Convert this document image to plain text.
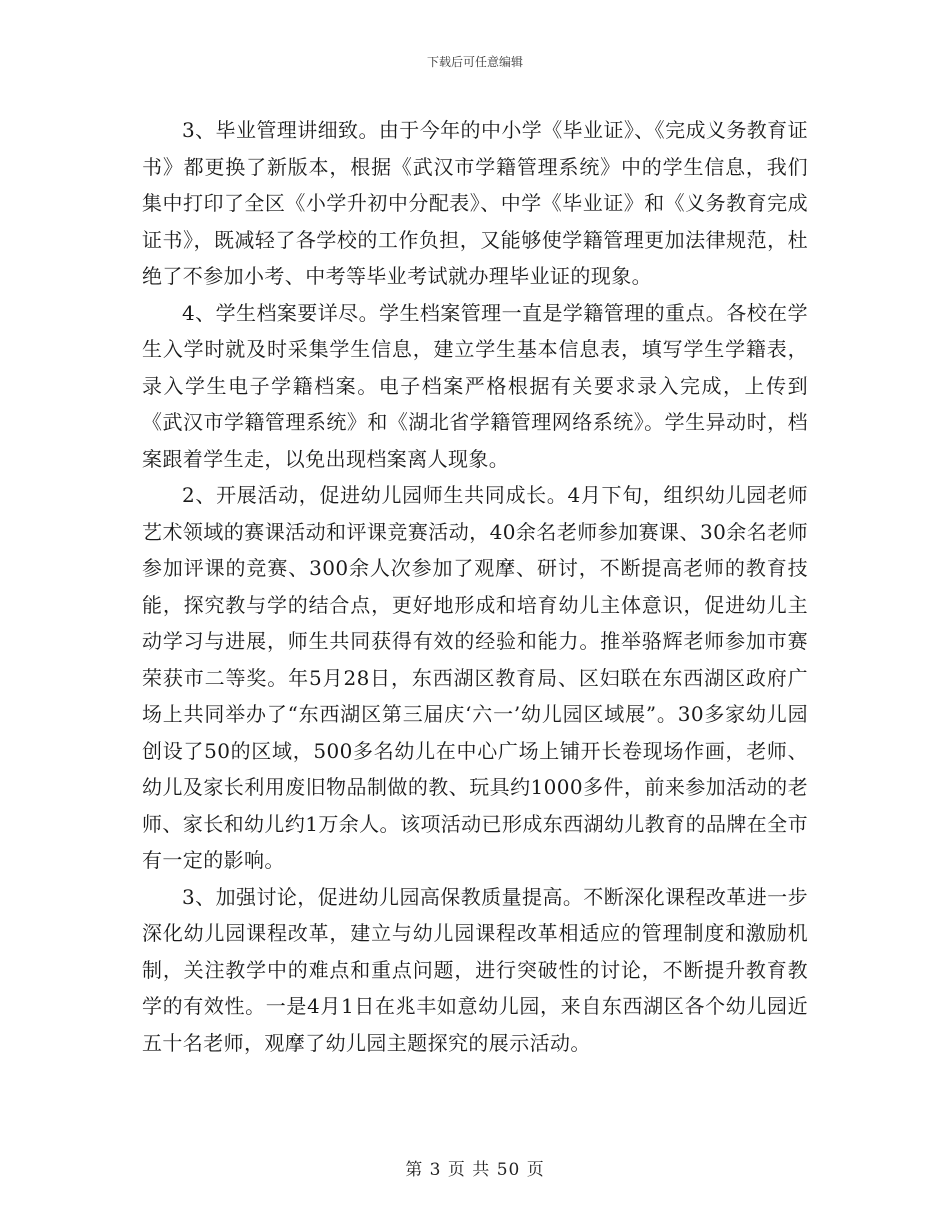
下载后可任意编辑

3、毕业管理讲细致。由于今年的中小学《毕业证》、《完成义务教育证书》都更换了新版本，根据《武汉市学籍管理系统》中的学生信息，我们集中打印了全区《小学升初中分配表》、中学《毕业证》和《义务教育完成证书》，既减轻了各学校的工作负担，又能够使学籍管理更加法律规范，杜绝了不参加小考、中考等毕业考试就办理毕业证的现象。

4、学生档案要详尽。学生档案管理一直是学籍管理的重点。各校在学生入学时就及时采集学生信息，建立学生基本信息表，填写学生学籍表，录入学生电子学籍档案。电子档案严格根据有关要求录入完成，上传到《武汉市学籍管理系统》和《湖北省学籍管理网络系统》。学生异动时，档案跟着学生走，以免出现档案离人现象。

2、开展活动，促进幼儿园师生共同成长。4月下旬，组织幼儿园老师艺术领域的赛课活动和评课竞赛活动，40余名老师参加赛课、30余名老师参加评课的竞赛、300余人次参加了观摩、研讨，不断提高老师的教育技能，探究教与学的结合点，更好地形成和培育幼儿主体意识，促进幼儿主动学习与进展，师生共同获得有效的经验和能力。推举骆辉老师参加市赛荣获市二等奖。年5月28日，东西湖区教育局、区妇联在东西湖区政府广场上共同举办了“东西湖区第三届庆‘六一’幼儿园区域展”。30多家幼儿园创设了50的区域，500多名幼儿在中心广场上铺开长卷现场作画，老师、幼儿及家长利用废旧物品制做的教、玩具约1000多件，前来参加活动的老师、家长和幼儿约1万余人。该项活动已形成东西湖幼儿教育的品牌在全市有一定的影响。

3、加强讨论，促进幼儿园高保教质量提高。不断深化课程改革进一步深化幼儿园课程改革，建立与幼儿园课程改革相适应的管理制度和激励机制，关注教学中的难点和重点问题，进行突破性的讨论，不断提升教育教学的有效性。一是4月1日在兆丰如意幼儿园，来自东西湖区各个幼儿园近五十名老师，观摩了幼儿园主题探究的展示活动。

第 3 页 共 50 页
